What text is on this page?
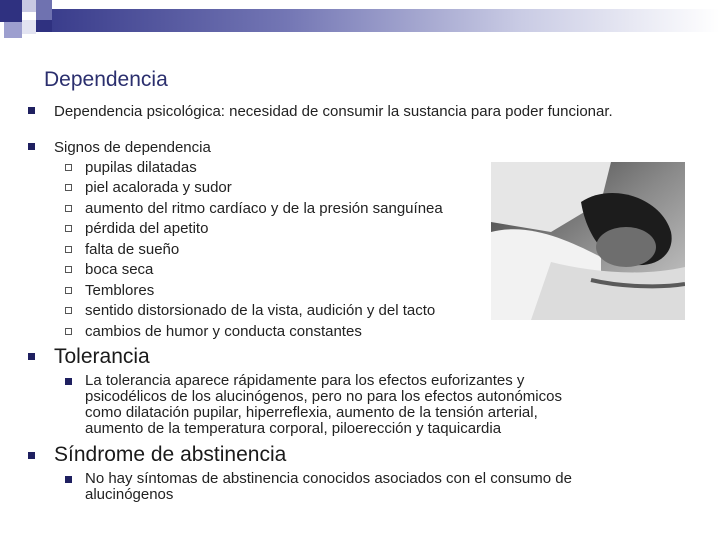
Dependencia
Dependencia psicológica: necesidad de consumir la sustancia para poder funcionar.
Signos de dependencia
pupilas dilatadas
piel acalorada y sudor
aumento del ritmo cardíaco y de la presión sanguínea
pérdida del apetito
falta de sueño
boca seca
Temblores
sentido distorsionado de la vista, audición y del tacto
cambios de humor y conducta constantes
Tolerancia
La tolerancia aparece rápidamente para los efectos euforizantes y
psicodélicos de los alucinógenos, pero no para los efectos autonómicos
como dilatación pupilar, hiperreflexia, aumento de la tensión arterial,
aumento de la temperatura corporal, piloerección y taquicardia
Síndrome de abstinencia
No hay síntomas de abstinencia conocidos asociados con el consumo de
alucinógenos
